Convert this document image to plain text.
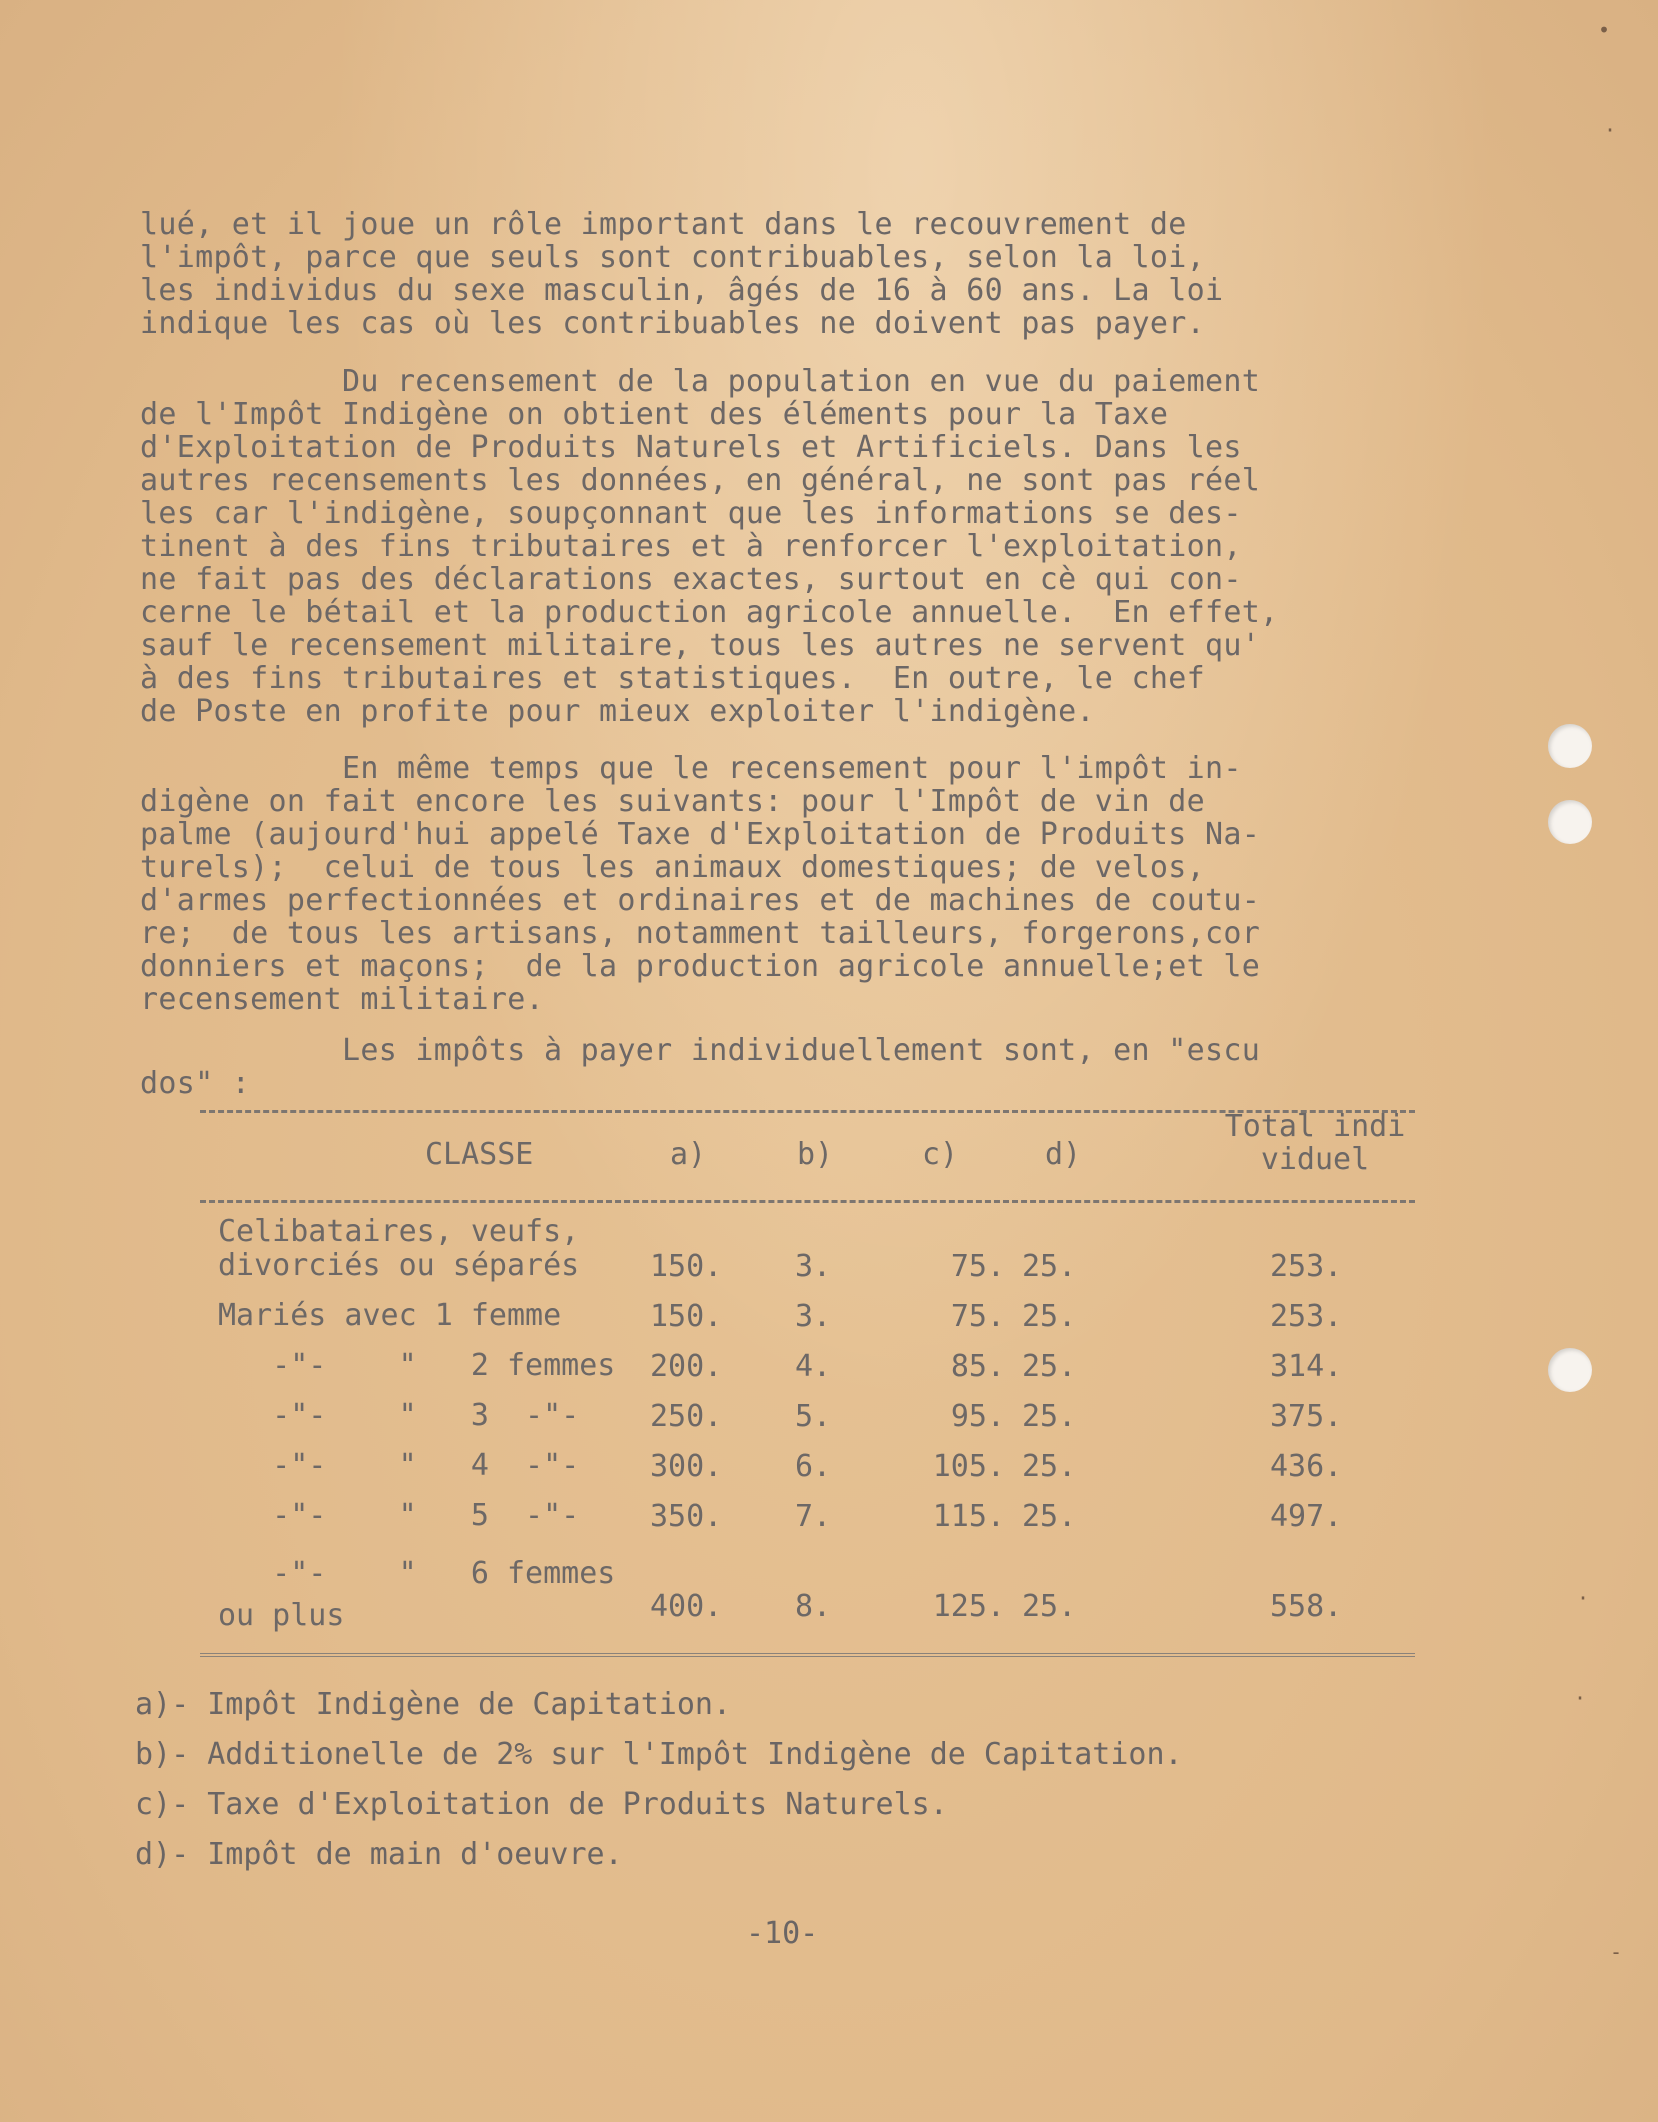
lué, et il joue un rôle important dans le recouvrement de
l'impôt, parce que seuls sont contribuables, selon la loi,
les individus du sexe masculin, âgés de 16 à 60 ans. La loi
indique les cas où les contribuables ne doivent pas payer.

Du recensement de la population en vue du paiement
de l'Impôt Indigène on obtient des éléments pour la Taxe
d'Exploitation de Produits Naturels et Artificiels. Dans les
autres recensements les données, en général, ne sont pas réel
les car l'indigène, soupçonnant que les informations se des-
tinent à des fins tributaires et à renforcer l'exploitation,
ne fait pas des déclarations exactes, surtout en cè qui con-
cerne le bétail et la production agricole annuelle.  En effet,
sauf le recensement militaire, tous les autres ne servent qu'
à des fins tributaires et statistiques.  En outre, le chef
de Poste en profite pour mieux exploiter l'indigène.

En même temps que le recensement pour l'impôt in-
digène on fait encore les suivants: pour l'Impôt de vin de
palme (aujourd'hui appelé Taxe d'Exploitation de Produits Na-
turels);  celui de tous les animaux domestiques; de velos,
d'armes perfectionnées et ordinaires et de machines de coutu-
re;  de tous les artisans, notamment tailleurs, forgerons,cor
donniers et maçons;  de la production agricole annuelle;et le
recensement militaire.

Les impôts à payer individuellement sont, en "escu
dos" :

CLASSE	a)	b)	c)	d)
Total indi
viduel
Celibataires, veufs,
divorciés ou séparés 150. 3.	75. 25.	253.
Mariés avec 1 femme	150. 3.	75. 25.	253.
-"-    "   2 femmes 200. 4.	85. 25.	314.
-"-    "   3  -"- 250. 5.	95. 25.	375.
-"-    "   4  -"- 300. 6.	105. 25.	436.
-"-    "   5  -"- 350. 7.	115. 25.	497.
-"-    "   6 femmes
ou plus	400. 8.	125. 25.	558.
a)- Impôt Indigène de Capitation.
b)- Additionelle de 2% sur l'Impôt Indigène de Capitation.
c)- Taxe d'Exploitation de Produits Naturels.
d)- Impôt de main d'oeuvre.
-10-
•
·
·
·
-
